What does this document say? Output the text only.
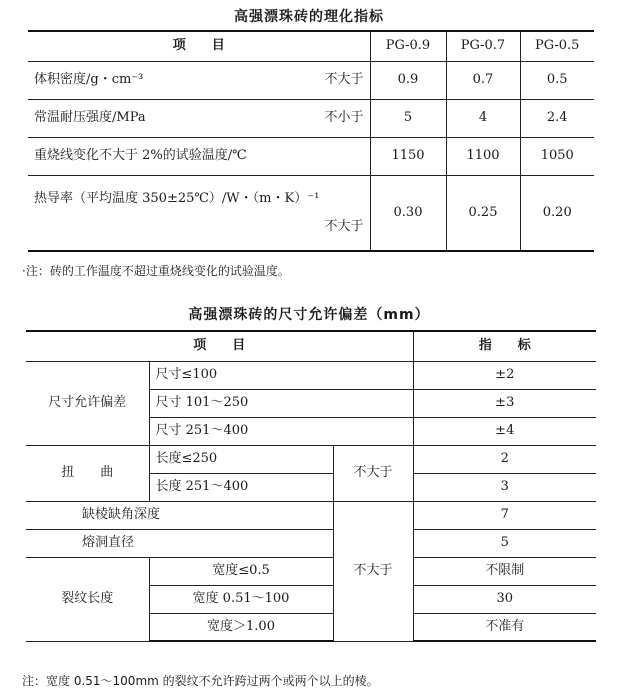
高强漂珠砖的理化指标
项　　目	PG-0.9	PG-0.7	PG-0.5

体积密度/g・cm⁻³ 不大于	0.9	0.7	0.5

常温耐压强度/MPa 不小于	5	4	2.4
重烧线变化不大于 2%的试验温度/℃	1150	1100	1050

热导率（平均温度 350±25℃）/W・（m・K）⁻¹
不大于	0.30	0.25	0.20
·注：砖的工作温度不超过重烧线变化的试验温度。
高强漂珠砖的尺寸允许偏差（mm）
项　　目			指　　标
尺寸允许偏差	尺寸≤100		±2
	尺寸 101～250		±3
	尺寸 251～400		±4
扭　　曲	长度≤250	不大于	2
	长度 251～400		3
缺棱缺角深度		不大于	7
熔洞直径			5
裂纹长度	宽度≤0.5		不限制
	宽度 0.51～100		30
	宽度＞1.00		不准有
注：宽度 0.51～100mm 的裂纹不允许跨过两个或两个以上的棱。
